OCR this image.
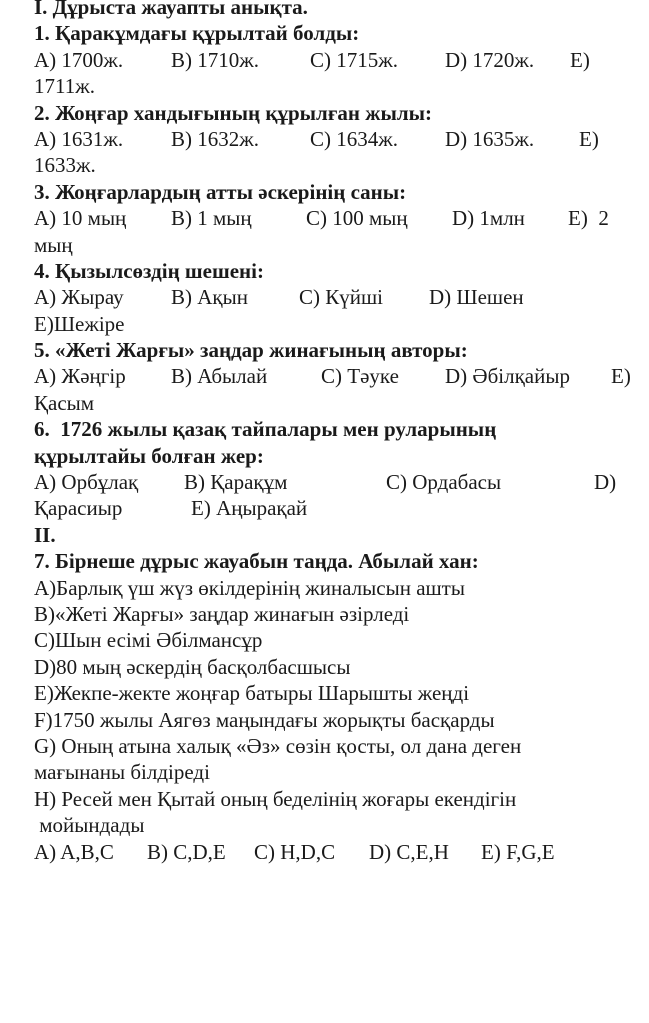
I. Дұрыста жауапты анықта.
1. Қаракұмдағы құрылтай болды:

A) 1700ж.

B) 1710ж.

C) 1715ж.

D) 1720ж.

E)

1711ж.
2. Жоңғар хандығының құрылған жылы:

A) 1631ж.

B) 1632ж.

C) 1634ж.

D) 1635ж.

E)

1633ж.
3. Жоңғарлардың атты әскерінің саны:

A) 10 мың

B) 1 мың

	C) 100 мың

D) 1млн

E)  2

мың
4. Қызылсөздің шешені:

A) Жырау

B) Ақын

C) Күйші

D) Шешен

E)Шежіре
5. «Жеті Жарғы» заңдар жинағының авторы:

A) Жәңгір

B) Абылай

	C) Тәуке

D) Әбілқайыр

E)

Қасым
6.  1726 жылы қазақ тайпалары мен руларының
құрылтайы болған жер:

A) Орбұлақ

B) Қарақұм

	C) Ордабасы

	D)

Қарасиыр

	E) Аңырақай

II.
7. Бірнеше дұрыс жауабын таңда. Абылай хан:
A)Барлық үш жүз өкілдерінің жиналысын ашты
B)«Жеті Жарғы» заңдар жинағын әзірледі
C)Шын есімі Әбілмансұр
D)80 мың әскердің басқолбасшысы
E)Жекпе-жекте жоңғар батыры Шарышты жеңді
F)1750 жылы Аягөз маңындағы жорықты басқарды
G) Оның атына халық «Әз» сөзін қосты, ол дана деген
мағынаны білдіреді
H) Ресей мен Қытай оның беделінің жоғары екендігін
мойындады

A) A,B,C

B) C,D,E

C) H,D,C

D) C,E,H

E) F,G,E
